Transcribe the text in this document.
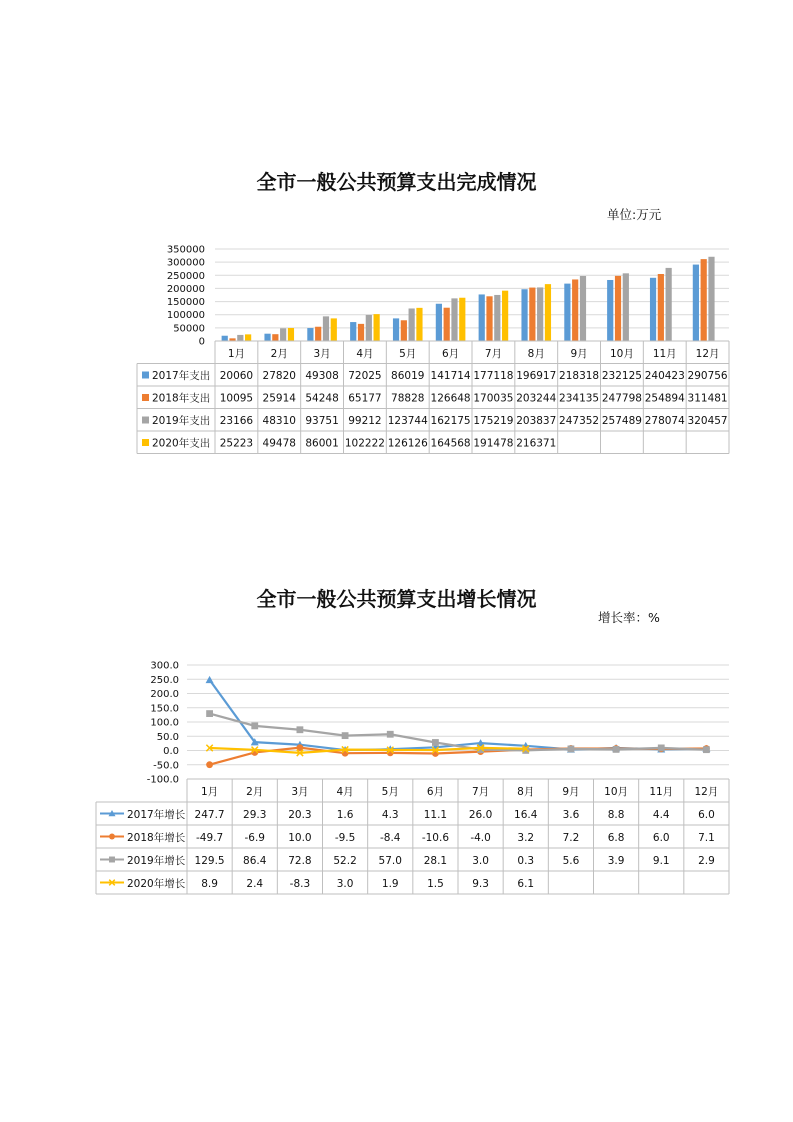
全市一般公共预算支出完成情况
单位:万元
全市一般公共预算支出增长情况
增长率：%
0
50000
100000
150000
200000
250000
300000
350000
1月 2月 3月 4月 5月 6月 7月 8月 9月 10月 11月 12月
2017年支出 20060 27820 49308 72025 86019 141714 177118 196917 218318 232125 240423 290756
2018年支出 10095 25914 54248 65177 78828 126648 170035 203244 234135 247798 254894 311481
2019年支出 23166 48310 93751 99212 123744 162175 175219 203837 247352 257489 278074 320457
2020年支出 25223 49478 86001 102222 126126 164568 191478 216371
-100.0
-50.0
0.0
50.0
100.0
150.0
200.0
250.0
300.0
1月	2月	3月	4月	5月	6月	7月	8月	9月 10月 11月 12月
2017年增长 247.7 29.3 20.3 1.6	4.3 11.1 26.0 16.4 3.6	8.8	4.4	6.0
2018年增长 -49.7 -6.9 10.0 -9.5 -8.4 -10.6 -4.0	3.2	7.2	6.8	6.0	7.1
2019年增长 129.5 86.4 72.8 52.2 57.0 28.1 3.0	0.3	5.6	3.9	9.1	2.9
2020年增长 8.9	2.4	-8.3	3.0	1.9	1.5	9.3	6.1
